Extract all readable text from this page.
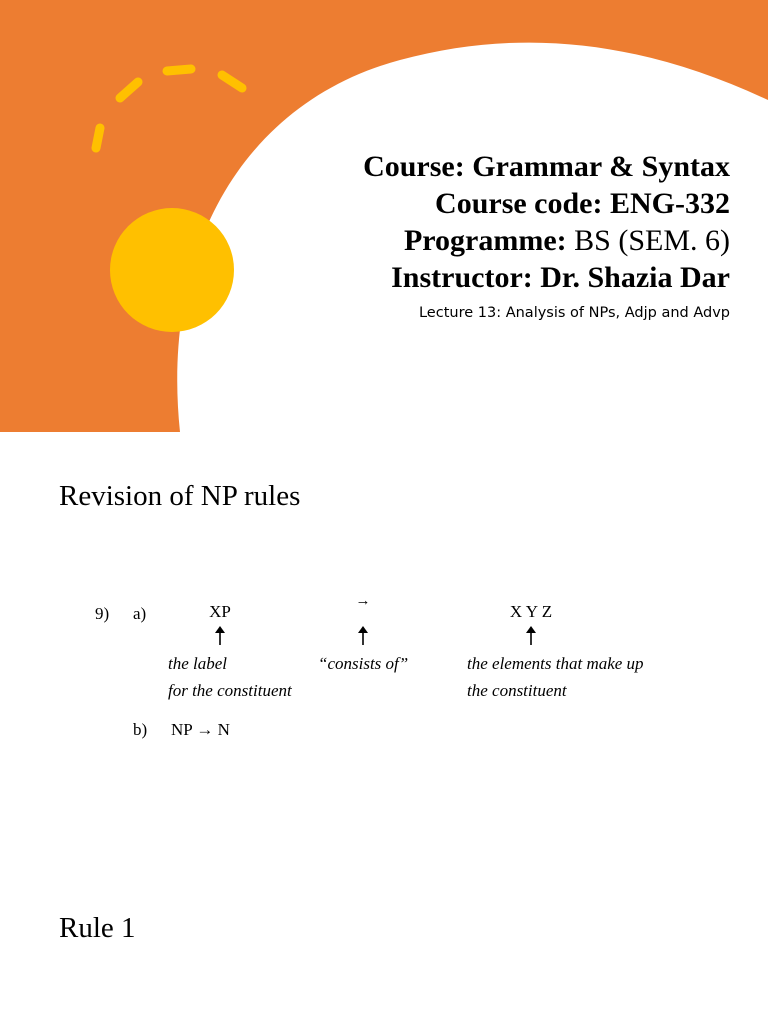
Course: Grammar & Syntax
Course code: ENG-332
Programme: BS (SEM. 6)
Instructor: Dr. Shazia Dar
Lecture 13: Analysis of NPs, Adjp and Advp
Revision of NP rules
9) a)	XP
→
X Y Z
the label
for the constituent
“consists of”	the elements that make up
the constituent
b) NP → N
Rule 1
